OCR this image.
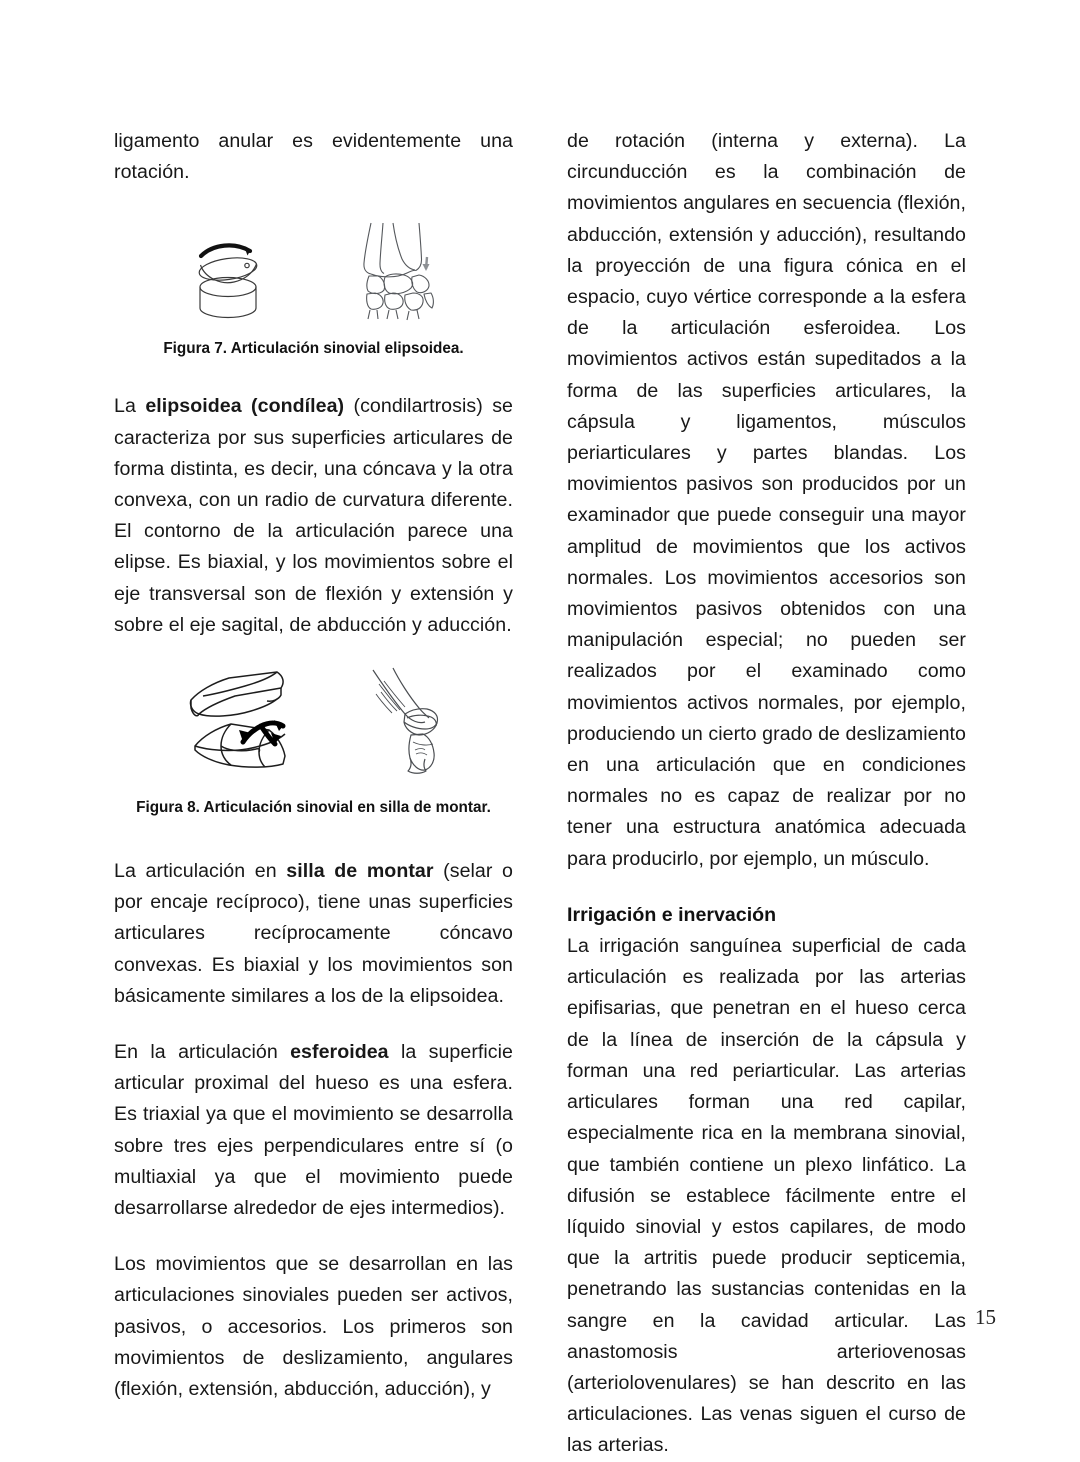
ligamento anular es evidentemente una rotación.

Figura 7. Articulación sinovial elipsoidea.

La elipsoidea (condílea) (condilartrosis) se caracteriza por sus superficies articulares de forma distinta, es decir, una cóncava y la otra convexa, con un radio de curvatura diferente. El contorno de la articulación parece una elipse. Es biaxial, y los movimientos sobre el eje transversal son de flexión y extensión y sobre el eje sagital, de abducción y aducción.

Figura 8. Articulación sinovial en silla de montar.

La articulación en silla de montar (selar o por encaje recíproco), tiene unas superficies articulares recíprocamente cóncavo convexas. Es biaxial y los movimientos son básicamente similares a los de la elipsoidea.

En la articulación esferoidea la superficie articular proximal del hueso es una esfera. Es triaxial ya que el movimiento se desarrolla sobre tres ejes perpendiculares entre sí (o multiaxial ya que el movimiento puede desarrollarse alrededor de ejes intermedios).

Los movimientos que se desarrollan en las articulaciones sinoviales pueden ser activos, pasivos, o accesorios. Los primeros son movimientos de deslizamiento, angulares (flexión, extensión, abducción, aducción), y

de rotación (interna y externa). La circunducción es la combinación de movimientos angulares en secuencia (flexión, abducción, extensión y aducción), resultando la proyección de una figura cónica en el espacio, cuyo vértice corresponde a la esfera de la articulación esferoidea. Los movimientos activos están supeditados a la forma de las superficies articulares, la cápsula y ligamentos, músculos periarticulares y partes blandas. Los movimientos pasivos son producidos por un examinador que puede conseguir una mayor amplitud de movimientos que los activos normales. Los movimientos accesorios son movimientos pasivos obtenidos con una manipulación especial; no pueden ser realizados por el examinado como movimientos activos normales, por ejemplo, produciendo un cierto grado de deslizamiento en una articulación que en condiciones normales no es capaz de realizar por no tener una estructura anatómica adecuada para producirlo, por ejemplo, un músculo.

Irrigación e inervación

La irrigación sanguínea superficial de cada articulación es realizada por las arterias epifisarias, que penetran en el hueso cerca de la línea de inserción de la cápsula y forman una red periarticular. Las arterias articulares forman una red capilar, especialmente rica en la membrana sinovial, que también contiene un plexo linfático. La difusión se establece fácilmente entre el líquido sinovial y estos capilares, de modo que la artritis puede producir septicemia, penetrando las sustancias contenidas en la sangre en la cavidad articular. Las anastomosis arteriovenosas (arteriolovenulares) se han descrito en las articulaciones. Las venas siguen el curso de las arterias.

15
